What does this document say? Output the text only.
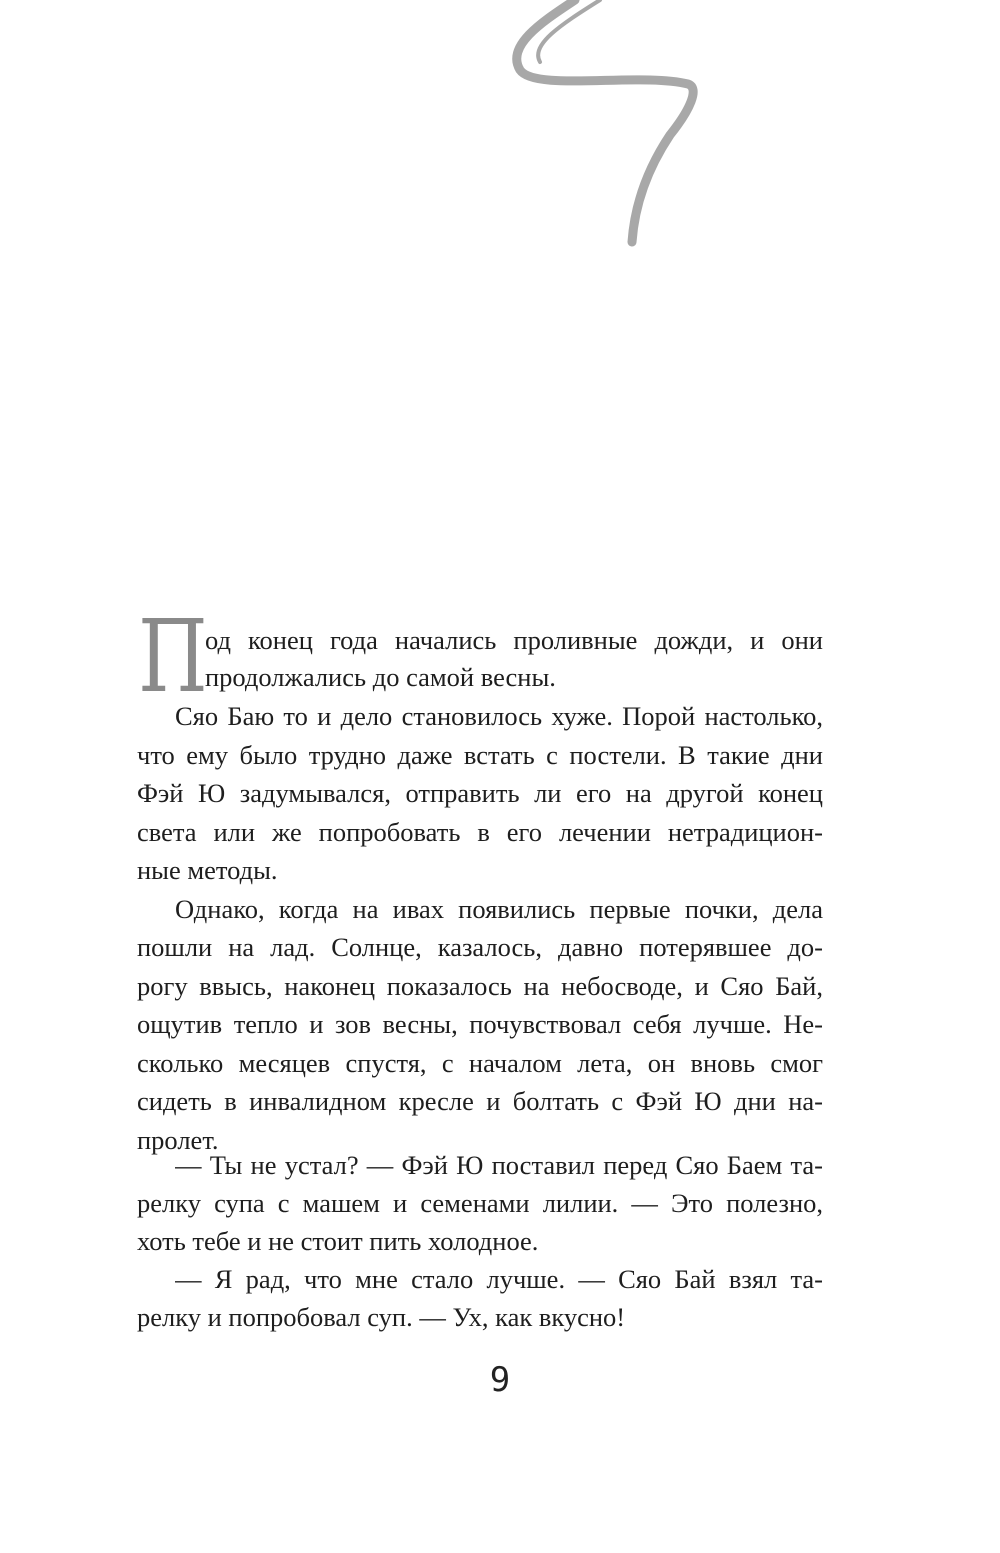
П
од конец года начались проливные дожди, и они
продолжались до самой весны.
Сяо Баю то и дело становилось хуже. Порой настолько,
что ему было трудно даже встать с постели. В такие дни
Фэй Ю задумывался, отправить ли его на другой конец
света или же попробовать в его лечении нетрадицион-
ные методы.
Однако, когда на ивах появились первые почки, дела
пошли на лад. Солнце, казалось, давно потерявшее до-
рогу ввысь, наконец показалось на небосводе, и Сяо Бай,
ощутив тепло и зов весны, почувствовал себя лучше. Не-
сколько месяцев спустя, с началом лета, он вновь смог
сидеть в инвалидном кресле и болтать с Фэй Ю дни на-
пролет.
— Ты не устал? — Фэй Ю поставил перед Сяо Баем та-
релку супа с машем и семенами лилии. — Это полезно,
хоть тебе и не стоит пить холодное.
— Я рад, что мне стало лучше. — Сяо Бай взял та-
релку и попробовал суп. — Ух, как вкусно!
9
